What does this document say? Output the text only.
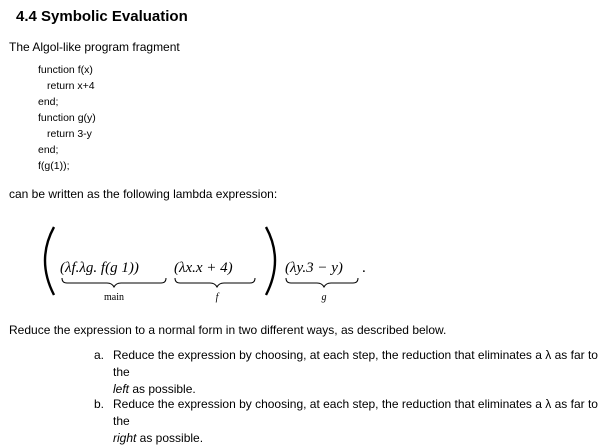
4.4 Symbolic Evaluation
The Algol-like program fragment
function f(x)
return x+4
end;
function g(y)
return 3-y
end;
f(g(1));
can be written as the following lambda expression:
(λf.λg. f(g 1)) (λx.x + 4)	(λy.3 − y) .
main	f	g
Reduce the expression to a normal form in two different ways, as described below.
a. Reduce the expression by choosing, at each step, the reduction that eliminates a λ as far to the
left as possible.
b. Reduce the expression by choosing, at each step, the reduction that eliminates a λ as far to the
right as possible.
